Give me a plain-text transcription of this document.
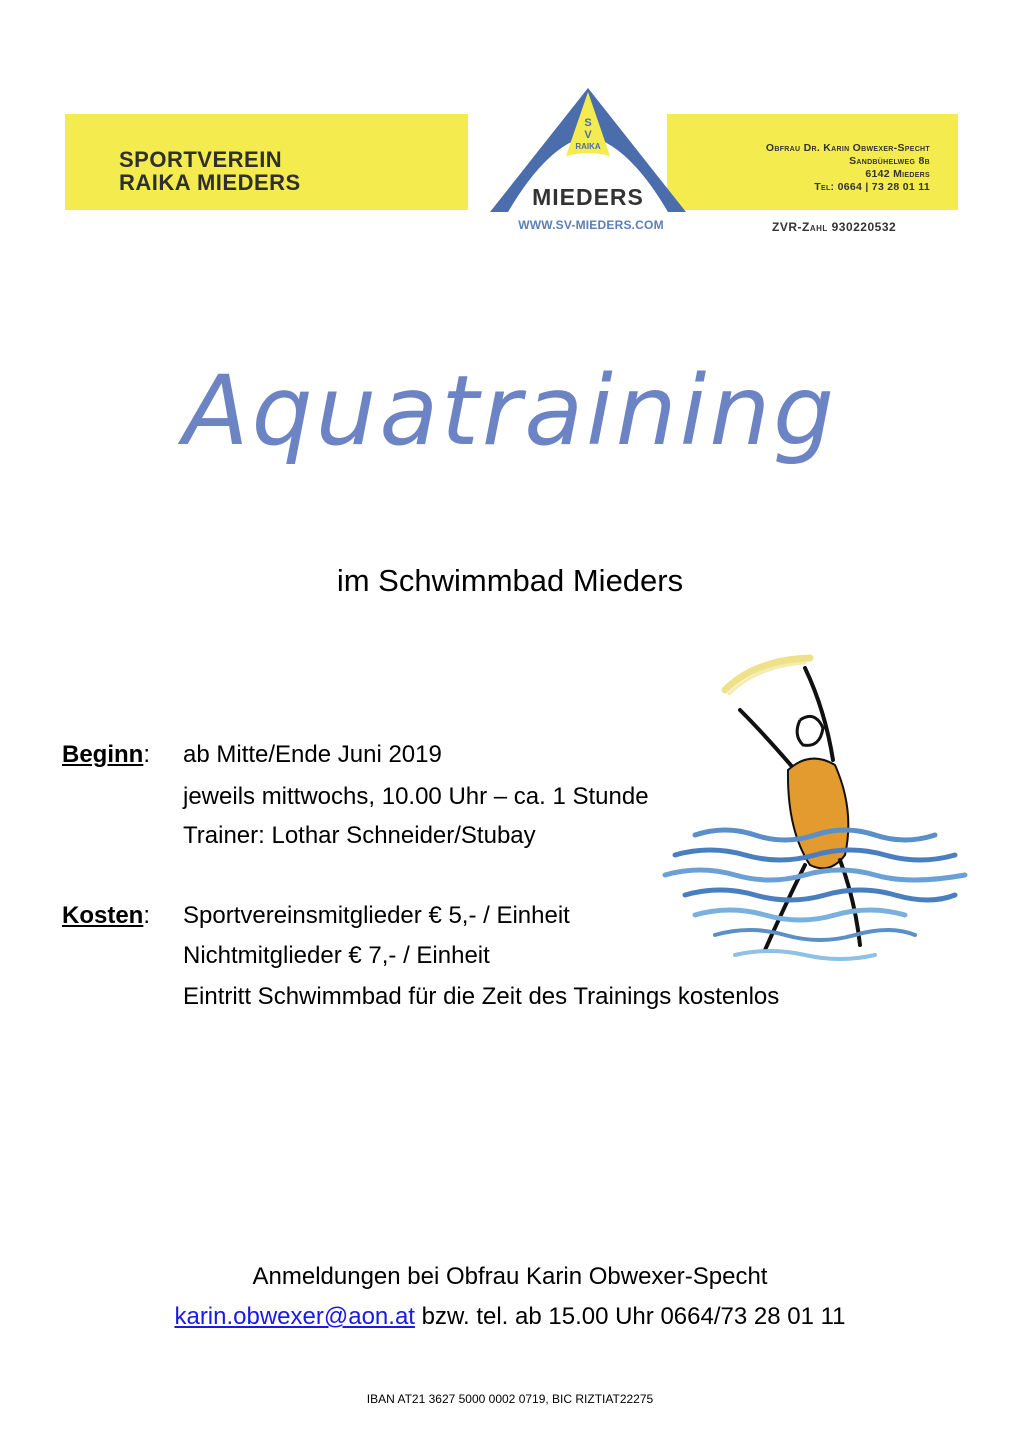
SPORTVEREIN
RAIKA MIEDERS
S
V
RAIKA
MIEDERS
WWW.SV-MIEDERS.COM
Obfrau Dr. Karin Obwexer-Specht
Sandbühelweg 8b
6142 Mieders
Tel: 0664 | 73 28 01 11
ZVR-Zahl 930220532
Aquatraining
im Schwimmbad Mieders
Beginn: ab Mitte/Ende Juni 2019
jeweils mittwochs, 10.00 Uhr – ca. 1 Stunde
Trainer: Lothar Schneider/Stubay
Kosten: Sportvereinsmitglieder € 5,- / Einheit
Nichtmitglieder € 7,- / Einheit
Eintritt Schwimmbad für die Zeit des Trainings kostenlos
Anmeldungen bei Obfrau Karin Obwexer-Specht
karin.obwexer@aon.at bzw. tel. ab 15.00 Uhr 0664/73 28 01 11
IBAN AT21 3627 5000 0002 0719, BIC RIZTIAT22275
